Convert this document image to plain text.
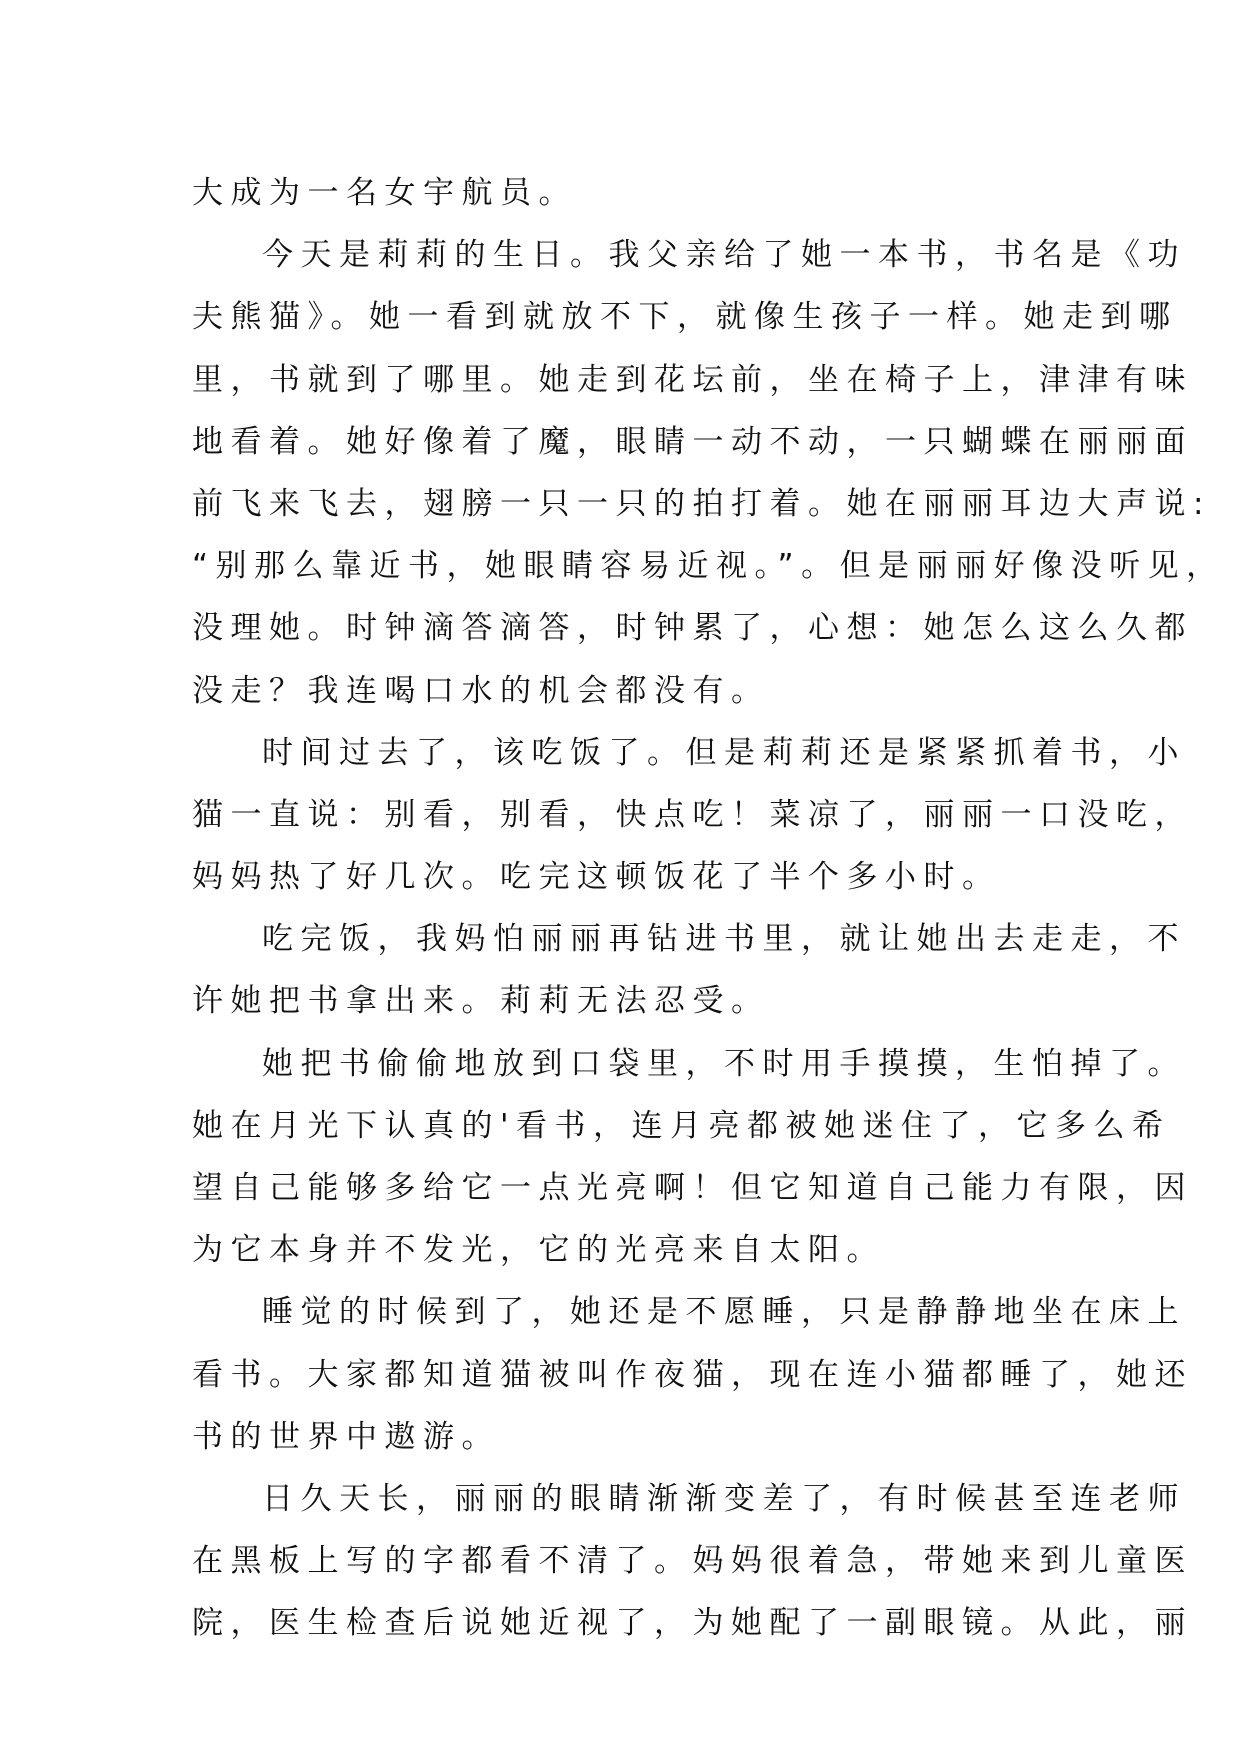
大成为一名女宇航员。
今天是莉莉的生日。我父亲给了她一本书，书名是《功
夫熊猫》。她一看到就放不下，就像生孩子一样。她走到哪
里，书就到了哪里。她走到花坛前，坐在椅子上，津津有味
地看着。她好像着了魔，眼睛一动不动，一只蝴蝶在丽丽面
前飞来飞去，翅膀一只一只的拍打着。她在丽丽耳边大声说:
“别那么靠近书，她眼睛容易近视。”。但是丽丽好像没听见，
没理她。时钟滴答滴答，时钟累了，心想：她怎么这么久都
没走？我连喝口水的机会都没有。
时间过去了，该吃饭了。但是莉莉还是紧紧抓着书，小
猫一直说：别看，别看，快点吃！菜凉了，丽丽一口没吃，
妈妈热了好几次。吃完这顿饭花了半个多小时。
吃完饭，我妈怕丽丽再钻进书里，就让她出去走走，不
许她把书拿出来。莉莉无法忍受。
她把书偷偷地放到口袋里，不时用手摸摸，生怕掉了。
她在月光下认真的'看书，连月亮都被她迷住了，它多么希
望自己能够多给它一点光亮啊！但它知道自己能力有限，因
为它本身并不发光，它的光亮来自太阳。
睡觉的时候到了，她还是不愿睡，只是静静地坐在床上
看书。大家都知道猫被叫作夜猫，现在连小猫都睡了，她还
书的世界中遨游。
日久天长，丽丽的眼睛渐渐变差了，有时候甚至连老师
在黑板上写的字都看不清了。妈妈很着急，带她来到儿童医
院，医生检查后说她近视了，为她配了一副眼镜。从此，丽
